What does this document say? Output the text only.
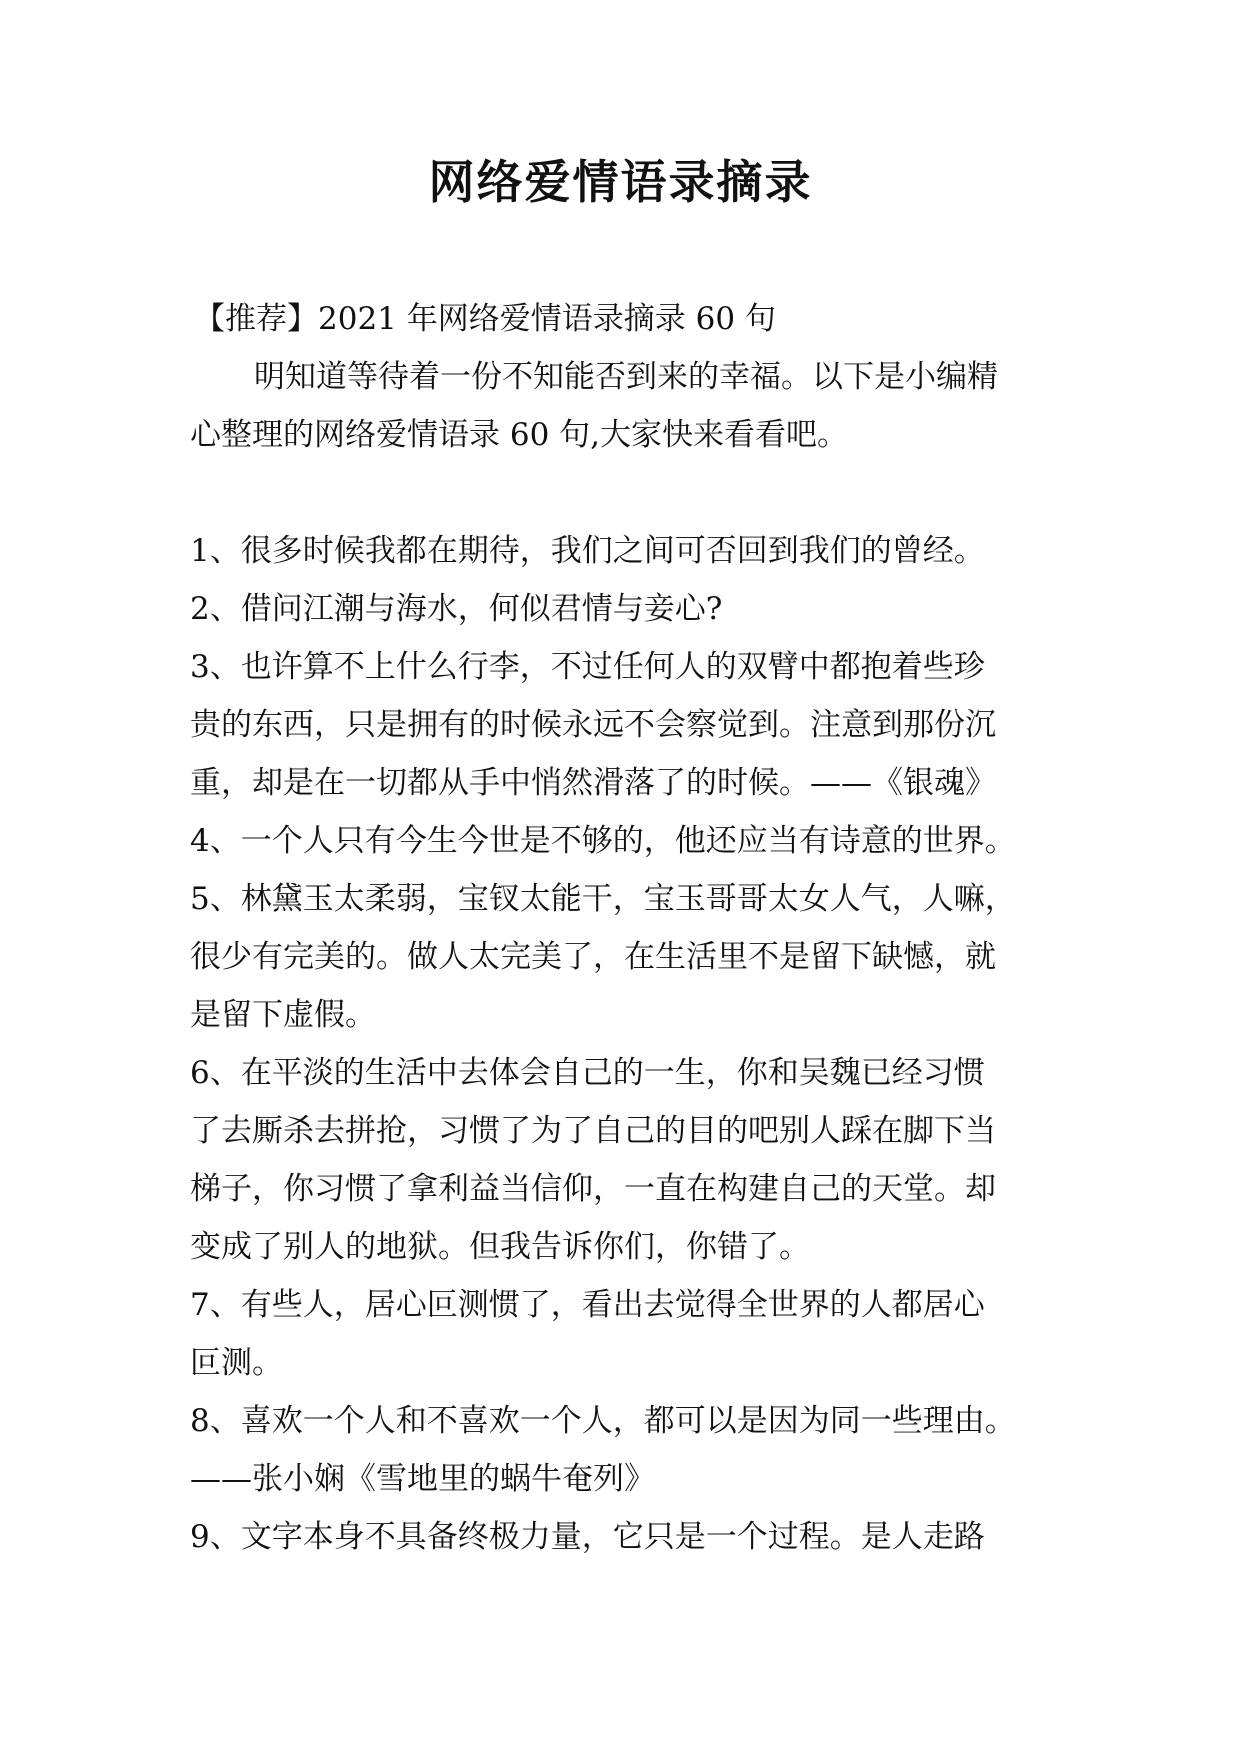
网络爱情语录摘录
【推荐】2021 年网络爱情语录摘录 60 句
明知道等待着一份不知能否到来的幸福。以下是小编精
心整理的网络爱情语录 60 句,大家快来看看吧。
1、很多时候我都在期待，我们之间可否回到我们的曾经。
2、借问江潮与海水，何似君情与妾心?
3、也许算不上什么行李，不过任何人的双臂中都抱着些珍
贵的东西，只是拥有的时候永远不会察觉到。注意到那份沉
重，却是在一切都从手中悄然滑落了的时候。——《银魂》
4、一个人只有今生今世是不够的，他还应当有诗意的世界。
5、林黛玉太柔弱，宝钗太能干，宝玉哥哥太女人气，人嘛，
很少有完美的。做人太完美了，在生活里不是留下缺憾，就
是留下虚假。
6、在平淡的生活中去体会自己的一生，你和吴魏已经习惯
了去厮杀去拼抢，习惯了为了自己的目的吧别人踩在脚下当
梯子，你习惯了拿利益当信仰，一直在构建自己的天堂。却
变成了别人的地狱。但我告诉你们，你错了。
7、有些人，居心叵测惯了，看出去觉得全世界的人都居心
叵测。
8、喜欢一个人和不喜欢一个人，都可以是因为同一些理由。
——张小娴《雪地里的蜗牛奄列》
9、文字本身不具备终极力量，它只是一个过程。是人走路
